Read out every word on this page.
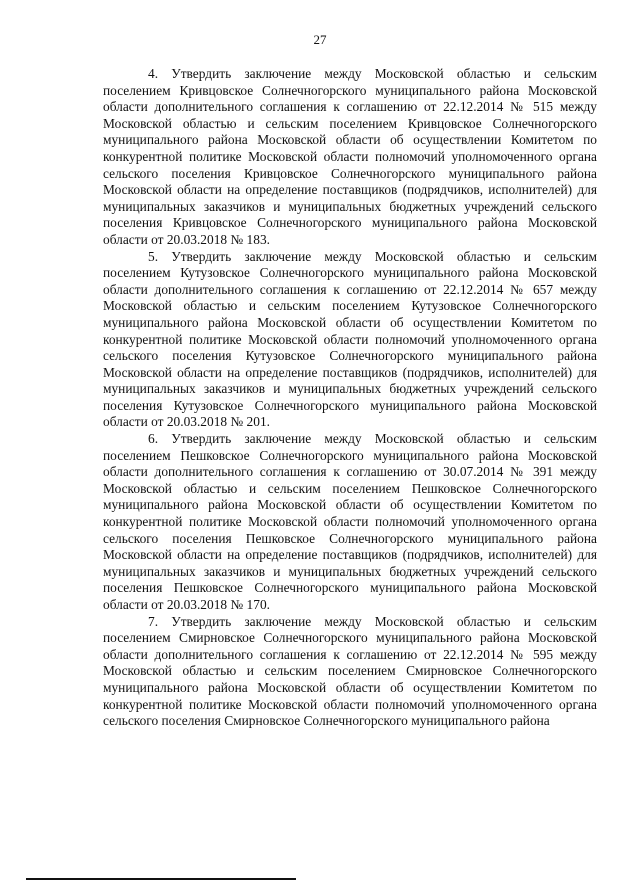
27

4. Утвердить заключение между Московской областью и сельским поселением Кривцовское Солнечногорского муниципального района Московской области дополнительного соглашения к соглашению от 22.12.2014 № 515 между Московской областью и сельским поселением Кривцовское Солнечногорского муниципального района Московской области об осуществлении Комитетом по конкурентной политике Московской области полномочий уполномоченного органа сельского поселения Кривцовское Солнечногорского муниципального района Московской области на определение поставщиков (подрядчиков, исполнителей) для муниципальных заказчиков и муниципальных бюджетных учреждений сельского поселения Кривцовское Солнечногорского муниципального района Московской области от 20.03.2018 № 183.

5. Утвердить заключение между Московской областью и сельским поселением Кутузовское Солнечногорского муниципального района Московской области дополнительного соглашения к соглашению от 22.12.2014 № 657 между Московской областью и сельским поселением Кутузовское Солнечногорского муниципального района Московской области об осуществлении Комитетом по конкурентной политике Московской области полномочий уполномоченного органа сельского поселения Кутузовское Солнечногорского муниципального района Московской области на определение поставщиков (подрядчиков, исполнителей) для муниципальных заказчиков и муниципальных бюджетных учреждений сельского поселения Кутузовское Солнечногорского муниципального района Московской области от 20.03.2018 № 201.

6. Утвердить заключение между Московской областью и сельским поселением Пешковское Солнечногорского муниципального района Московской области дополнительного соглашения к соглашению от 30.07.2014 № 391 между Московской областью и сельским поселением Пешковское Солнечногорского муниципального района Московской области об осуществлении Комитетом по конкурентной политике Московской области полномочий уполномоченного органа сельского поселения Пешковское Солнечногорского муниципального района Московской области на определение поставщиков (подрядчиков, исполнителей) для муниципальных заказчиков и муниципальных бюджетных учреждений сельского поселения Пешковское Солнечногорского муниципального района Московской области от 20.03.2018 № 170.

7. Утвердить заключение между Московской областью и сельским поселением Смирновское Солнечногорского муниципального района Московской области дополнительного соглашения к соглашению от 22.12.2014 № 595 между Московской областью и сельским поселением Смирновское Солнечногорского муниципального района Московской области об осуществлении Комитетом по конкурентной политике Московской области полномочий уполномоченного органа сельского поселения Смирновское Солнечногорского муниципального района
